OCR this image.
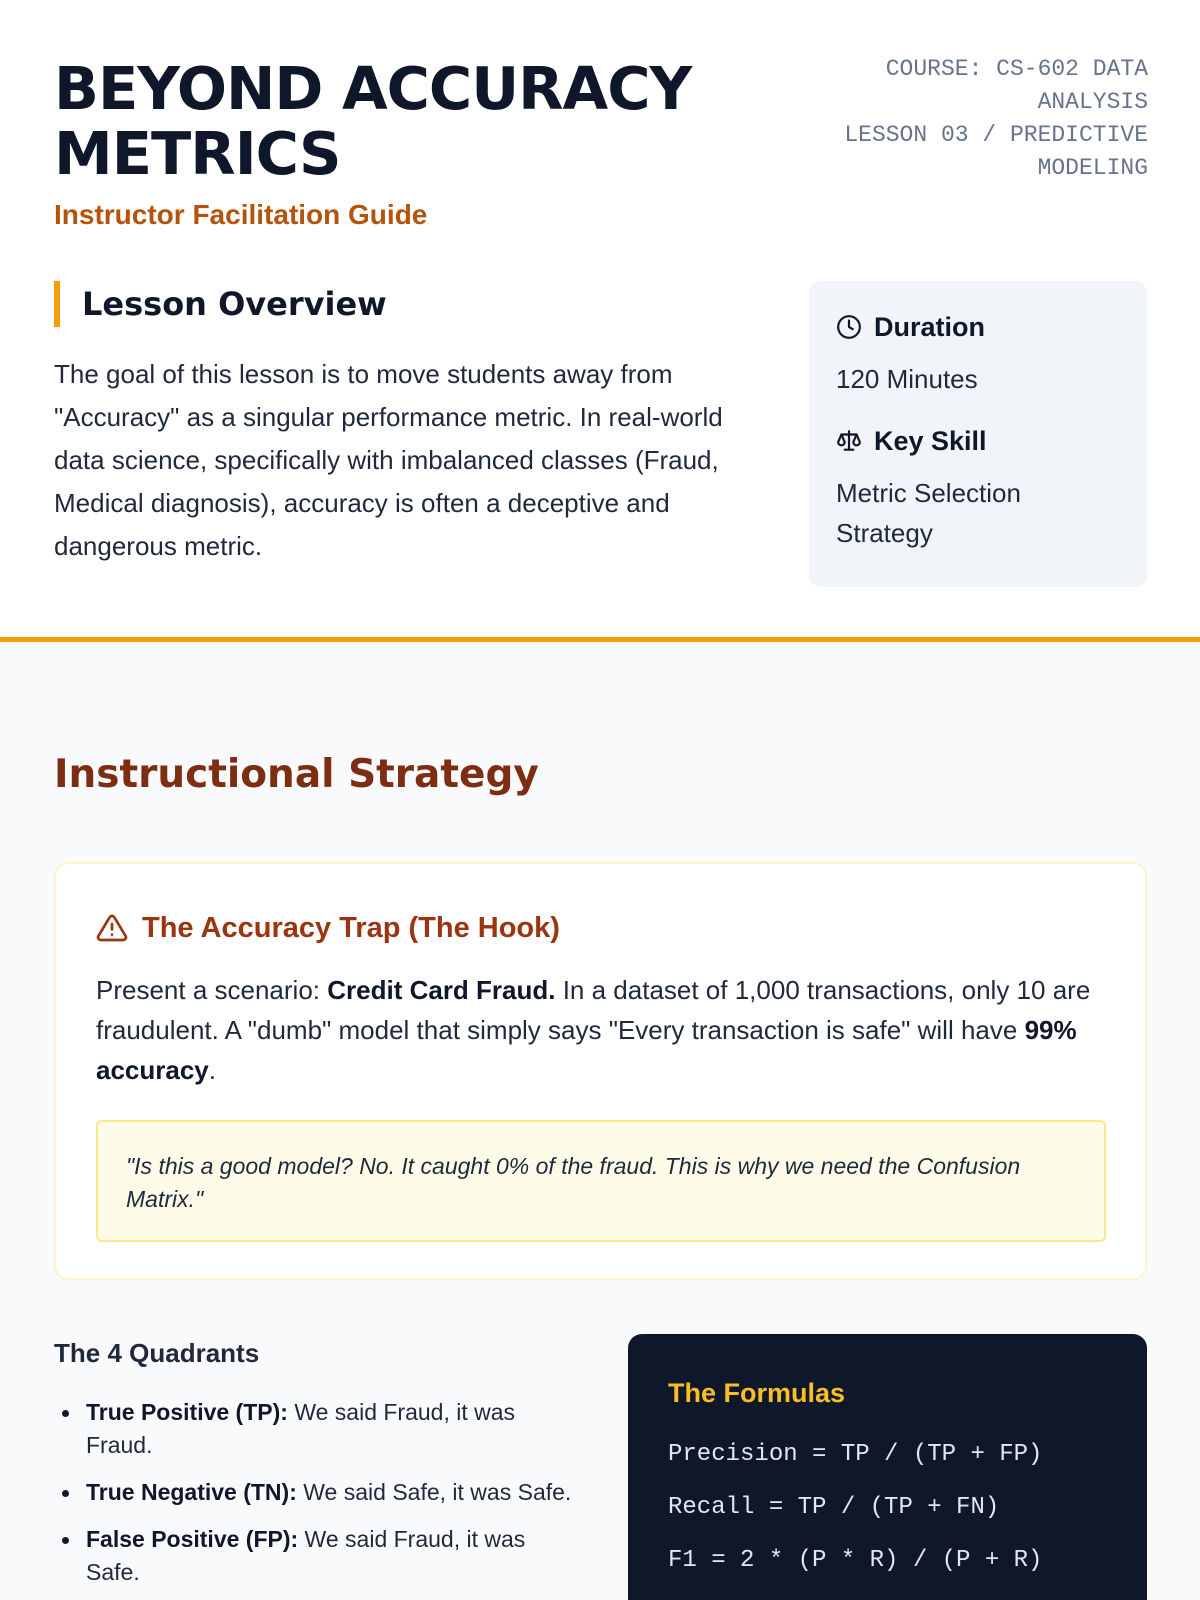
BEYOND ACCURACY METRICS
Instructor Facilitation Guide
COURSE: CS-602 DATA ANALYSIS
LESSON 03 / PREDICTIVE MODELING
Lesson Overview

The goal of this lesson is to move students away from "Accuracy" as a singular performance metric. In real-world data science, specifically with imbalanced classes (Fraud, Medical diagnosis), accuracy is often a deceptive and dangerous metric.

Duration
120 Minutes
Key Skill
Metric Selection Strategy
Instructional Strategy
The Accuracy Trap (The Hook)

Present a scenario: Credit Card Fraud. In a dataset of 1,000 transactions, only 10 are fraudulent. A "dumb" model that simply says "Every transaction is safe" will have 99% accuracy.

"Is this a good model? No. It caught 0% of the fraud. This is why we need the Confusion Matrix."
The 4 Quadrants
True Positive (TP): We said Fraud, it was Fraud.
True Negative (TN): We said Safe, it was Safe.
False Positive (FP): We said Fraud, it was Safe.
The Formulas
Precision = TP / (TP + FP)
Recall = TP / (TP + FN)
F1 = 2 * (P * R) / (P + R)
